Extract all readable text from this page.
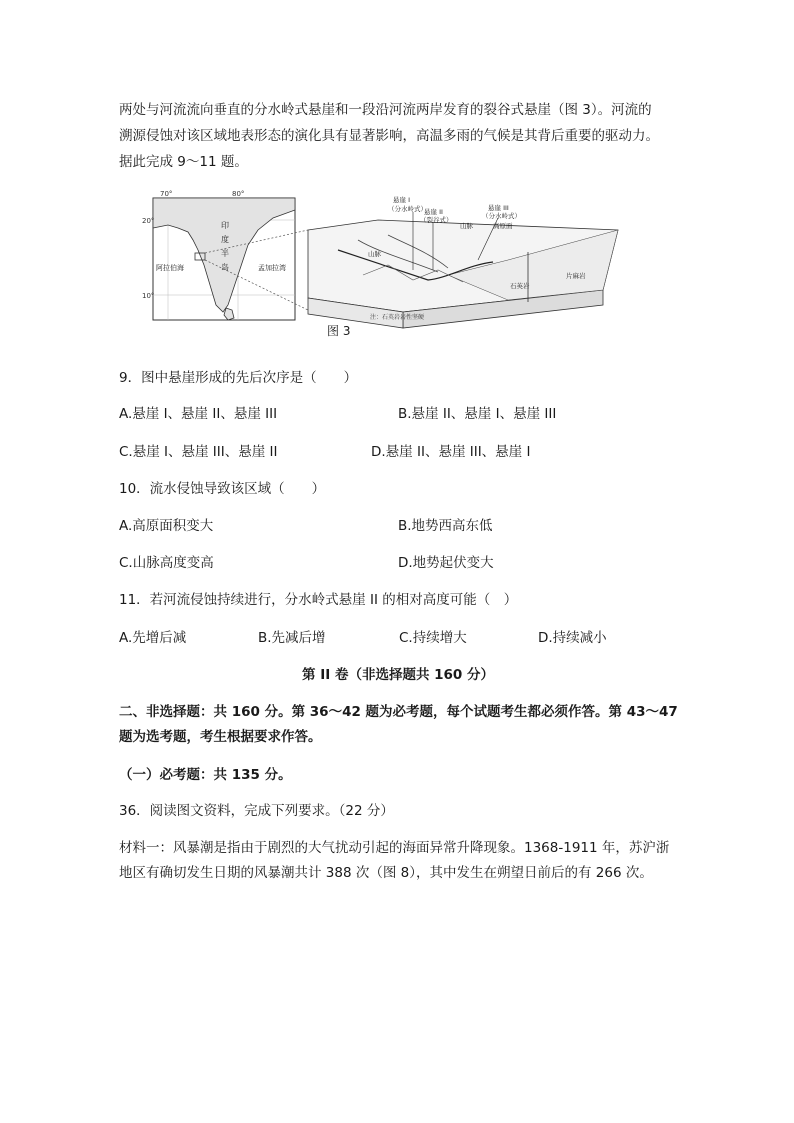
两处与河流流向垂直的分水岭式悬崖和一段沿河流两岸发育的裂谷式悬崖（图 3）。河流的
溯源侵蚀对该区域地表形态的演化具有显著影响，高温多雨的气候是其背后重要的驱动力。
据此完成 9～11 题。
70°	80°
20°
10°
印
度
半
岛
阿拉伯海	孟加拉湾
悬崖 I
（分水岭式）
悬崖 II
（裂谷式）
悬崖 III
（分水岭式）
山脉	高原面
山脉
石英岩
片麻岩
注：石英岩岩性坚硬
图 3
9．图中悬崖形成的先后次序是（　　）
A.悬崖 I、悬崖 II、悬崖 III	B.悬崖 II、悬崖 I、悬崖 III
C.悬崖 I、悬崖 III、悬崖 II	D.悬崖 II、悬崖 III、悬崖 I
10．流水侵蚀导致该区域（　　）
A.高原面积变大	B.地势西高东低
C.山脉高度变高	D.地势起伏变大
11．若河流侵蚀持续进行，分水岭式悬崖 II 的相对高度可能（　）
A.先增后减	B.先减后增	C.持续增大	D.持续减小
第 II 卷（非选择题共 160 分）
二、非选择题：共 160 分。第 36～42 题为必考题，每个试题考生都必须作答。第 43～47
题为选考题，考生根据要求作答。
（一）必考题：共 135 分。
36．阅读图文资料，完成下列要求。（22 分）
材料一：风暴潮是指由于剧烈的大气扰动引起的海面异常升降现象。1368-1911 年，苏沪浙
地区有确切发生日期的风暴潮共计 388 次（图 8），其中发生在朔望日前后的有 266 次。
